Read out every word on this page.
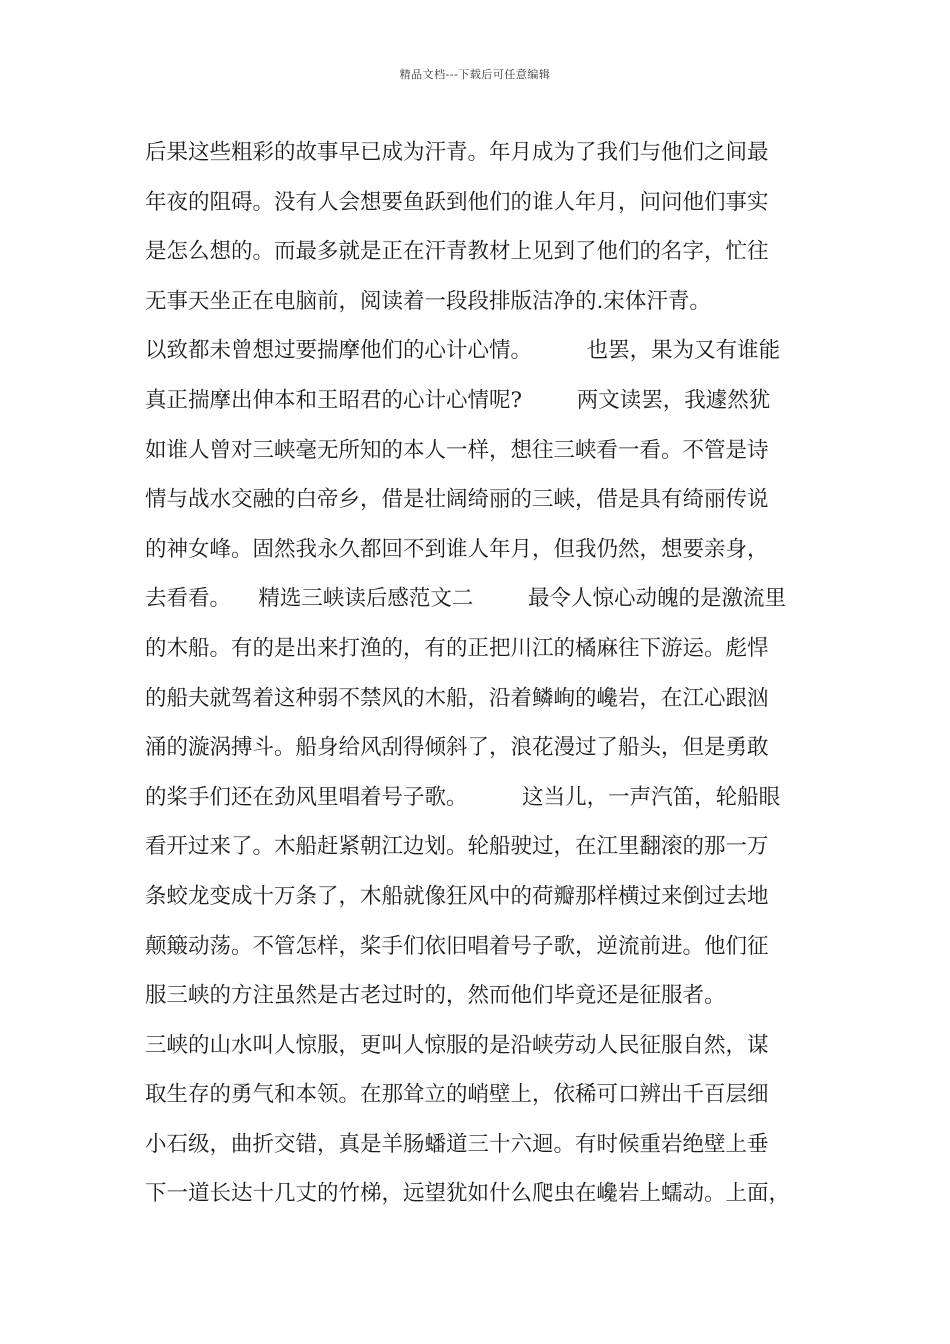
精品文档---下载后可任意编辑
后果这些粗彩的故事早已成为汗青。年月成为了我们与他们之间最
年夜的阻碍。没有人会想要鱼跃到他们的谁人年月，问问他们事实
是怎么想的。而最多就是正在汗青教材上见到了他们的名字，忙往
无事天坐正在电脑前，阅读着一段段排版洁净的.宋体汗青。
以致都未曾想过要揣摩他们的心计心情。        也罢，果为又有谁能
真正揣摩出伸本和王昭君的心计心情呢?        两文读罢，我遽然犹
如谁人曾对三峡毫无所知的本人一样，想往三峡看一看。不管是诗
情与战水交融的白帝乡，借是壮阔绮丽的三峡，借是具有绮丽传说
的神女峰。固然我永久都回不到谁人年月，但我仍然，想要亲身，
去看看。    精选三峡读后感范文二        最令人惊心动魄的是激流里
的木船。有的是出来打渔的，有的正把川江的橘麻往下游运。彪悍
的船夫就驾着这种弱不禁风的木船，沿着鳞峋的巉岩，在江心跟汹
涌的漩涡搏斗。船身给风刮得倾斜了，浪花漫过了船头，但是勇敢
的桨手们还在劲风里唱着号子歌。        这当儿，一声汽笛，轮船眼
看开过来了。木船赶紧朝江边划。轮船驶过，在江里翻滚的那一万
条蛟龙变成十万条了，木船就像狂风中的荷瓣那样横过来倒过去地
颠簸动荡。不管怎样，桨手们依旧唱着号子歌，逆流前进。他们征
服三峡的方注虽然是古老过时的，然而他们毕竟还是征服者。
三峡的山水叫人惊服，更叫人惊服的是沿峡劳动人民征服自然，谋
取生存的勇气和本领。在那耸立的峭壁上，依稀可口辨出千百层细
小石级，曲折交错，真是羊肠蟠道三十六迴。有时候重岩绝壁上垂
下一道长达十几丈的竹梯，远望犹如什么爬虫在巉岩上蠕动。上面，
